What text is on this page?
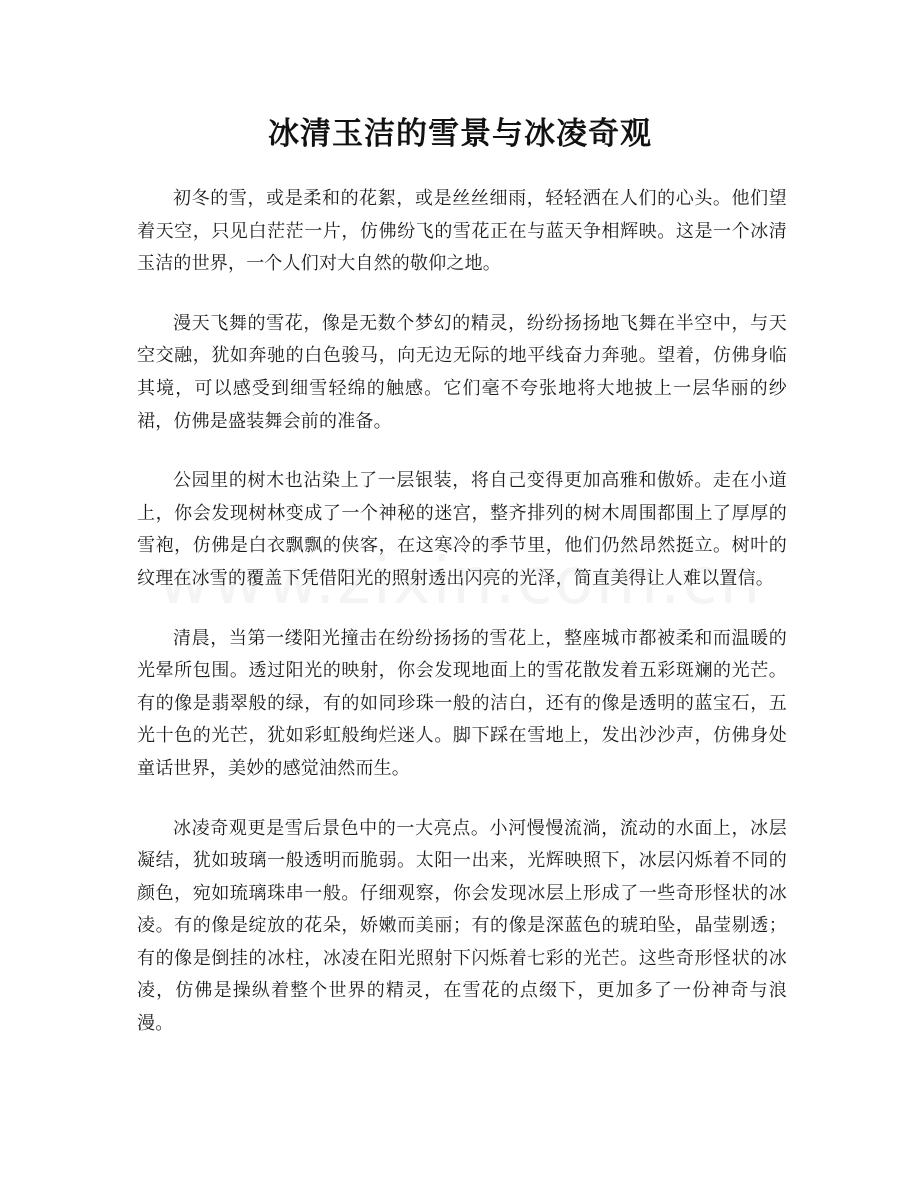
冰清玉洁的雪景与冰凌奇观

初冬的雪，或是柔和的花絮，或是丝丝细雨，轻轻洒在人们的心头。他们望着天空，只见白茫茫一片，仿佛纷飞的雪花正在与蓝天争相辉映。这是一个冰清玉洁的世界，一个人们对大自然的敬仰之地。

漫天飞舞的雪花，像是无数个梦幻的精灵，纷纷扬扬地飞舞在半空中，与天空交融，犹如奔驰的白色骏马，向无边无际的地平线奋力奔驰。望着，仿佛身临其境，可以感受到细雪轻绵的触感。它们毫不夸张地将大地披上一层华丽的纱裙，仿佛是盛装舞会前的准备。

公园里的树木也沾染上了一层银装，将自己变得更加高雅和傲娇。走在小道上，你会发现树林变成了一个神秘的迷宫，整齐排列的树木周围都围上了厚厚的雪袍，仿佛是白衣飘飘的侠客，在这寒冷的季节里，他们仍然昂然挺立。树叶的纹理在冰雪的覆盖下凭借阳光的照射透出闪亮的光泽，简直美得让人难以置信。

清晨，当第一缕阳光撞击在纷纷扬扬的雪花上，整座城市都被柔和而温暖的光晕所包围。透过阳光的映射，你会发现地面上的雪花散发着五彩斑斓的光芒。有的像是翡翠般的绿，有的如同珍珠一般的洁白，还有的像是透明的蓝宝石，五光十色的光芒，犹如彩虹般绚烂迷人。脚下踩在雪地上，发出沙沙声，仿佛身处童话世界，美妙的感觉油然而生。

冰凌奇观更是雪后景色中的一大亮点。小河慢慢流淌，流动的水面上，冰层凝结，犹如玻璃一般透明而脆弱。太阳一出来，光辉映照下，冰层闪烁着不同的颜色，宛如琉璃珠串一般。仔细观察，你会发现冰层上形成了一些奇形怪状的冰凌。有的像是绽放的花朵，娇嫩而美丽；有的像是深蓝色的琥珀坠，晶莹剔透；有的像是倒挂的冰柱，冰凌在阳光照射下闪烁着七彩的光芒。这些奇形怪状的冰凌，仿佛是操纵着整个世界的精灵，在雪花的点缀下，更加多了一份神奇与浪漫。
